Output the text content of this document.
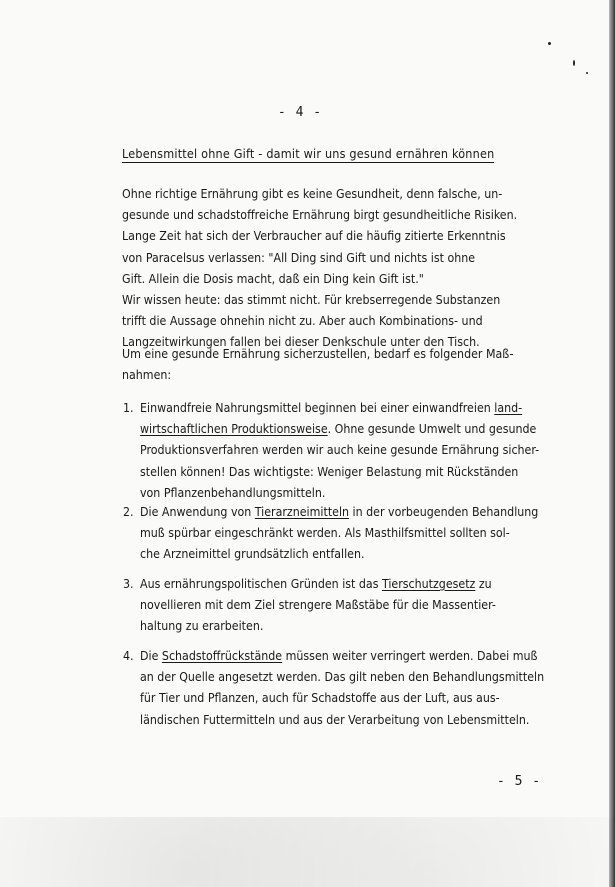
- 4 -
Lebensmittel ohne Gift - damit wir uns gesund ernähren können
Ohne richtige Ernährung gibt es keine Gesundheit, denn falsche, un-
gesunde und schadstoffreiche Ernährung birgt gesundheitliche Risiken.
Lange Zeit hat sich der Verbraucher auf die häufig zitierte Erkenntnis
von Paracelsus verlassen: "All Ding sind Gift und nichts ist ohne
Gift. Allein die Dosis macht, daß ein Ding kein Gift ist."
Wir wissen heute: das stimmt nicht. Für krebserregende Substanzen
trifft die Aussage ohnehin nicht zu. Aber auch Kombinations- und
Langzeitwirkungen fallen bei dieser Denkschule unter den Tisch.
Um eine gesunde Ernährung sicherzustellen, bedarf es folgender Maß-
nahmen:
1. Einwandfreie Nahrungsmittel beginnen bei einer einwandfreien land-
wirtschaftlichen Produktionsweise. Ohne gesunde Umwelt und gesunde
Produktionsverfahren werden wir auch keine gesunde Ernährung sicher-
stellen können! Das wichtigste: Weniger Belastung mit Rückständen
von Pflanzenbehandlungsmitteln.
2. Die Anwendung von Tierarzneimitteln in der vorbeugenden Behandlung
muß spürbar eingeschränkt werden. Als Masthilfsmittel sollten sol-
che Arzneimittel grundsätzlich entfallen.
3. Aus ernährungspolitischen Gründen ist das Tierschutzgesetz zu
novellieren mit dem Ziel strengere Maßstäbe für die Massentier-
haltung zu erarbeiten.
4. Die Schadstoffrückstände müssen weiter verringert werden. Dabei muß
an der Quelle angesetzt werden. Das gilt neben den Behandlungsmitteln
für Tier und Pflanzen, auch für Schadstoffe aus der Luft, aus aus-
ländischen Futtermitteln und aus der Verarbeitung von Lebensmitteln.
- 5 -
